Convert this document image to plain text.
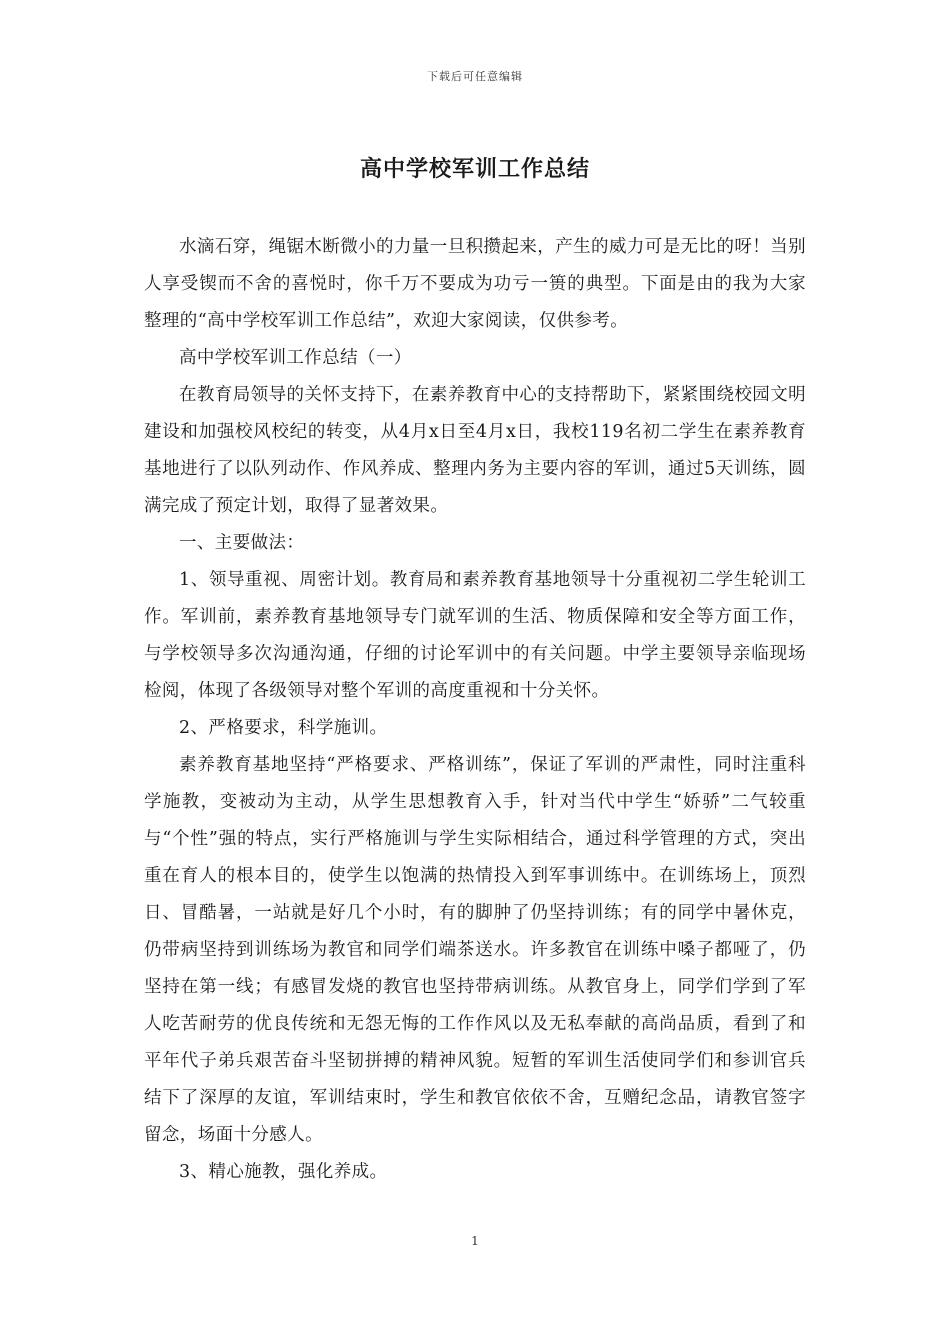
下载后可任意编辑
高中学校军训工作总结

水滴石穿，绳锯木断微小的力量一旦积攒起来，产生的威力可是无比的呀！当别人享受锲而不舍的喜悦时，你千万不要成为功亏一篑的典型。下面是由的我为大家整理的“高中学校军训工作总结”，欢迎大家阅读，仅供参考。

高中学校军训工作总结（一）

在教育局领导的关怀支持下，在素养教育中心的支持帮助下，紧紧围绕校园文明建设和加强校风校纪的转变，从4月x日至4月x日，我校119名初二学生在素养教育基地进行了以队列动作、作风养成、整理内务为主要内容的军训，通过5天训练，圆满完成了预定计划，取得了显著效果。

一、主要做法：

1、领导重视、周密计划。教育局和素养教育基地领导十分重视初二学生轮训工作。军训前，素养教育基地领导专门就军训的生活、物质保障和安全等方面工作，与学校领导多次沟通沟通，仔细的讨论军训中的有关问题。中学主要领导亲临现场检阅，体现了各级领导对整个军训的高度重视和十分关怀。

2、严格要求，科学施训。

素养教育基地坚持“严格要求、严格训练”，保证了军训的严肃性，同时注重科学施教，变被动为主动，从学生思想教育入手，针对当代中学生“娇骄”二气较重与“个性”强的特点，实行严格施训与学生实际相结合，通过科学管理的方式，突出重在育人的根本目的，使学生以饱满的热情投入到军事训练中。在训练场上，顶烈日、冒酷暑，一站就是好几个小时，有的脚肿了仍坚持训练；有的同学中暑休克，仍带病坚持到训练场为教官和同学们端茶送水。许多教官在训练中嗓子都哑了，仍坚持在第一线；有感冒发烧的教官也坚持带病训练。从教官身上，同学们学到了军人吃苦耐劳的优良传统和无怨无悔的工作作风以及无私奉献的高尚品质，看到了和平年代子弟兵艰苦奋斗坚韧拼搏的精神风貌。短暂的军训生活使同学们和参训官兵结下了深厚的友谊，军训结束时，学生和教官依依不舍，互赠纪念品，请教官签字留念，场面十分感人。

3、精心施教，强化养成。

1
